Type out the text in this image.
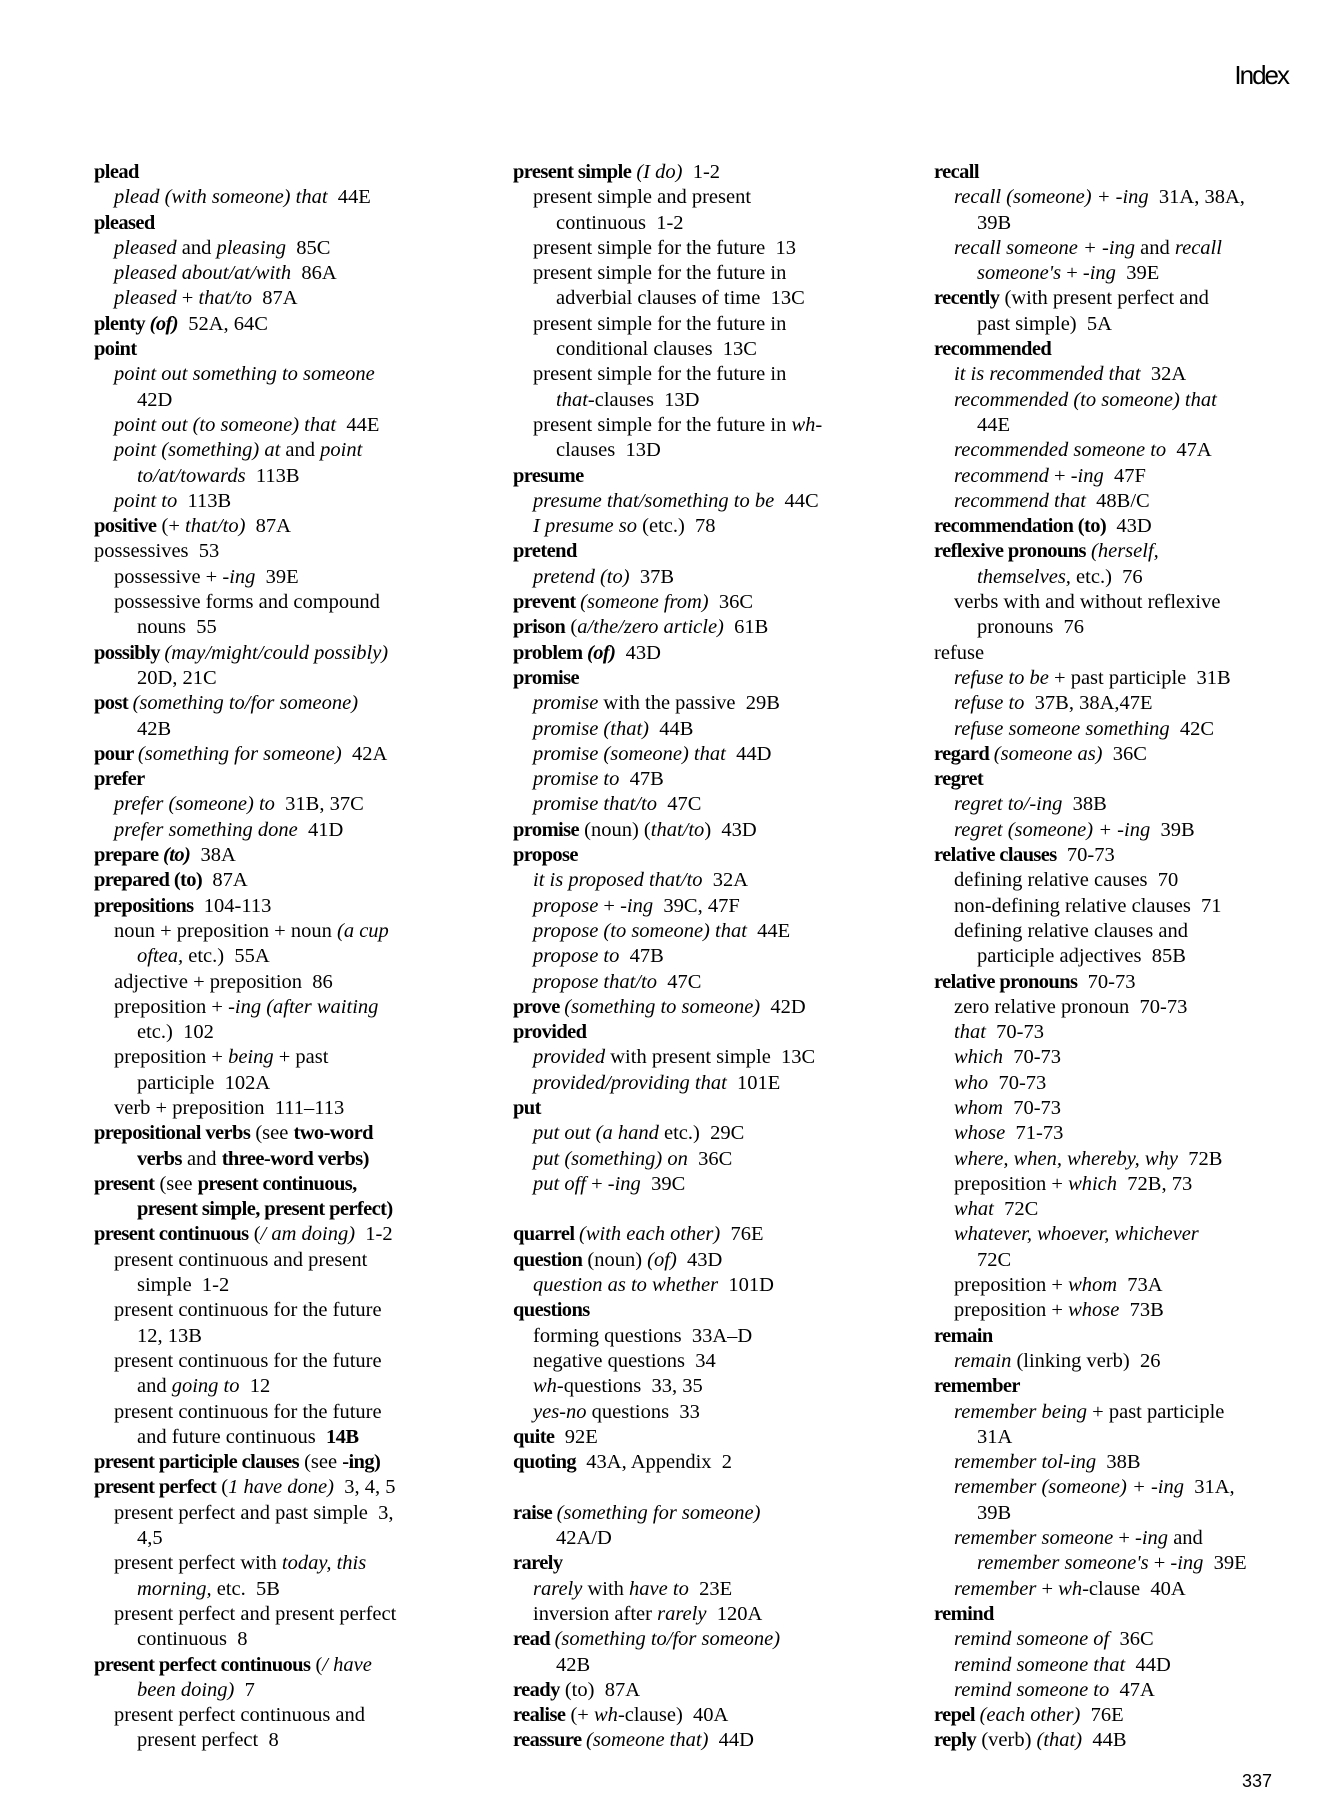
Index
plead
plead (with someone) that  44E
pleased
pleased and pleasing  85C
pleased about/at/with  86A
pleased + that/to  87A
plenty (of)  52A, 64C
point
point out something to someone
42D
point out (to someone) that  44E
point (something) at and point
to/at/towards  113B
point to  113B
positive (+ that/to)  87A
possessives  53
possessive + -ing  39E
possessive forms and compound
nouns  55
possibly (may/might/could possibly)
20D, 21C
post (something to/for someone)
42B
pour (something for someone)  42A
prefer
prefer (someone) to  31B, 37C
prefer something done  41D
prepare (to)  38A
prepared (to)  87A
prepositions  104-113
noun + preposition + noun (a cup
oftea, etc.)  55A
adjective + preposition  86
preposition + -ing (after waiting
etc.)  102
preposition + being + past
participle  102A
verb + preposition  111–113
prepositional verbs (see two-word
verbs and three-word verbs)
present (see present continuous,
present simple, present perfect)
present continuous (/ am doing)  1-2
present continuous and present
simple  1-2
present continuous for the future
12, 13B
present continuous for the future
and going to  12
present continuous for the future
and future continuous  14B
present participle clauses (see -ing)
present perfect (1 have done)  3, 4, 5
present perfect and past simple  3,
4,5
present perfect with today, this
morning, etc.  5B
present perfect and present perfect
continuous  8
present perfect continuous (/ have
been doing)  7
present perfect continuous and
present perfect  8
present simple (I do)  1-2
present simple and present
continuous  1-2
present simple for the future  13
present simple for the future in
adverbial clauses of time  13C
present simple for the future in
conditional clauses  13C
present simple for the future in
that-clauses  13D
present simple for the future in wh-
clauses  13D
presume
presume that/something to be  44C
I presume so (etc.)  78
pretend
pretend (to)  37B
prevent (someone from)  36C
prison (a/the/zero article)  61B
problem (of)  43D
promise
promise with the passive  29B
promise (that)  44B
promise (someone) that  44D
promise to  47B
promise that/to  47C
promise (noun) (that/to)  43D
propose
it is proposed that/to  32A
propose + -ing  39C, 47F
propose (to someone) that  44E
propose to  47B
propose that/to  47C
prove (something to someone)  42D
provided
provided with present simple  13C
provided/providing that  101E
put
put out (a hand etc.)  29C
put (something) on  36C
put off + -ing  39C
quarrel (with each other)  76E
question (noun) (of)  43D
question as to whether  101D
questions
forming questions  33A–D
negative questions  34
wh-questions  33, 35
yes-no questions  33
quite  92E
quoting  43A, Appendix  2
raise (something for someone)
42A/D
rarely
rarely with have to  23E
inversion after rarely  120A
read (something to/for someone)
42B
ready (to)  87A
realise (+ wh-clause)  40A
reassure (someone that)  44D
recall
recall (someone) + -ing  31A, 38A,
39B
recall someone + -ing and recall
someone's + -ing  39E
recently (with present perfect and
past simple)  5A
recommended
it is recommended that  32A
recommended (to someone) that
44E
recommended someone to  47A
recommend + -ing  47F
recommend that  48B/C
recommendation (to)  43D
reflexive pronouns (herself,
themselves, etc.)  76
verbs with and without reflexive
pronouns  76
refuse
refuse to be + past participle  31B
refuse to  37B, 38A,47E
refuse someone something  42C
regard (someone as)  36C
regret
regret to/-ing  38B
regret (someone) + -ing  39B
relative clauses  70-73
defining relative causes  70
non-defining relative clauses  71
defining relative clauses and
participle adjectives  85B
relative pronouns  70-73
zero relative pronoun  70-73
that  70-73
which  70-73
who  70-73
whom  70-73
whose  71-73
where, when, whereby, why  72B
preposition + which  72B, 73
what  72C
whatever, whoever, whichever
72C
preposition + whom  73A
preposition + whose  73B
remain
remain (linking verb)  26
remember
remember being + past participle
31A
remember tol-ing  38B
remember (someone) + -ing  31A,
39B
remember someone + -ing and
remember someone's + -ing  39E
remember + wh-clause  40A
remind
remind someone of  36C
remind someone that  44D
remind someone to  47A
repel (each other)  76E
reply (verb) (that)  44B
337
